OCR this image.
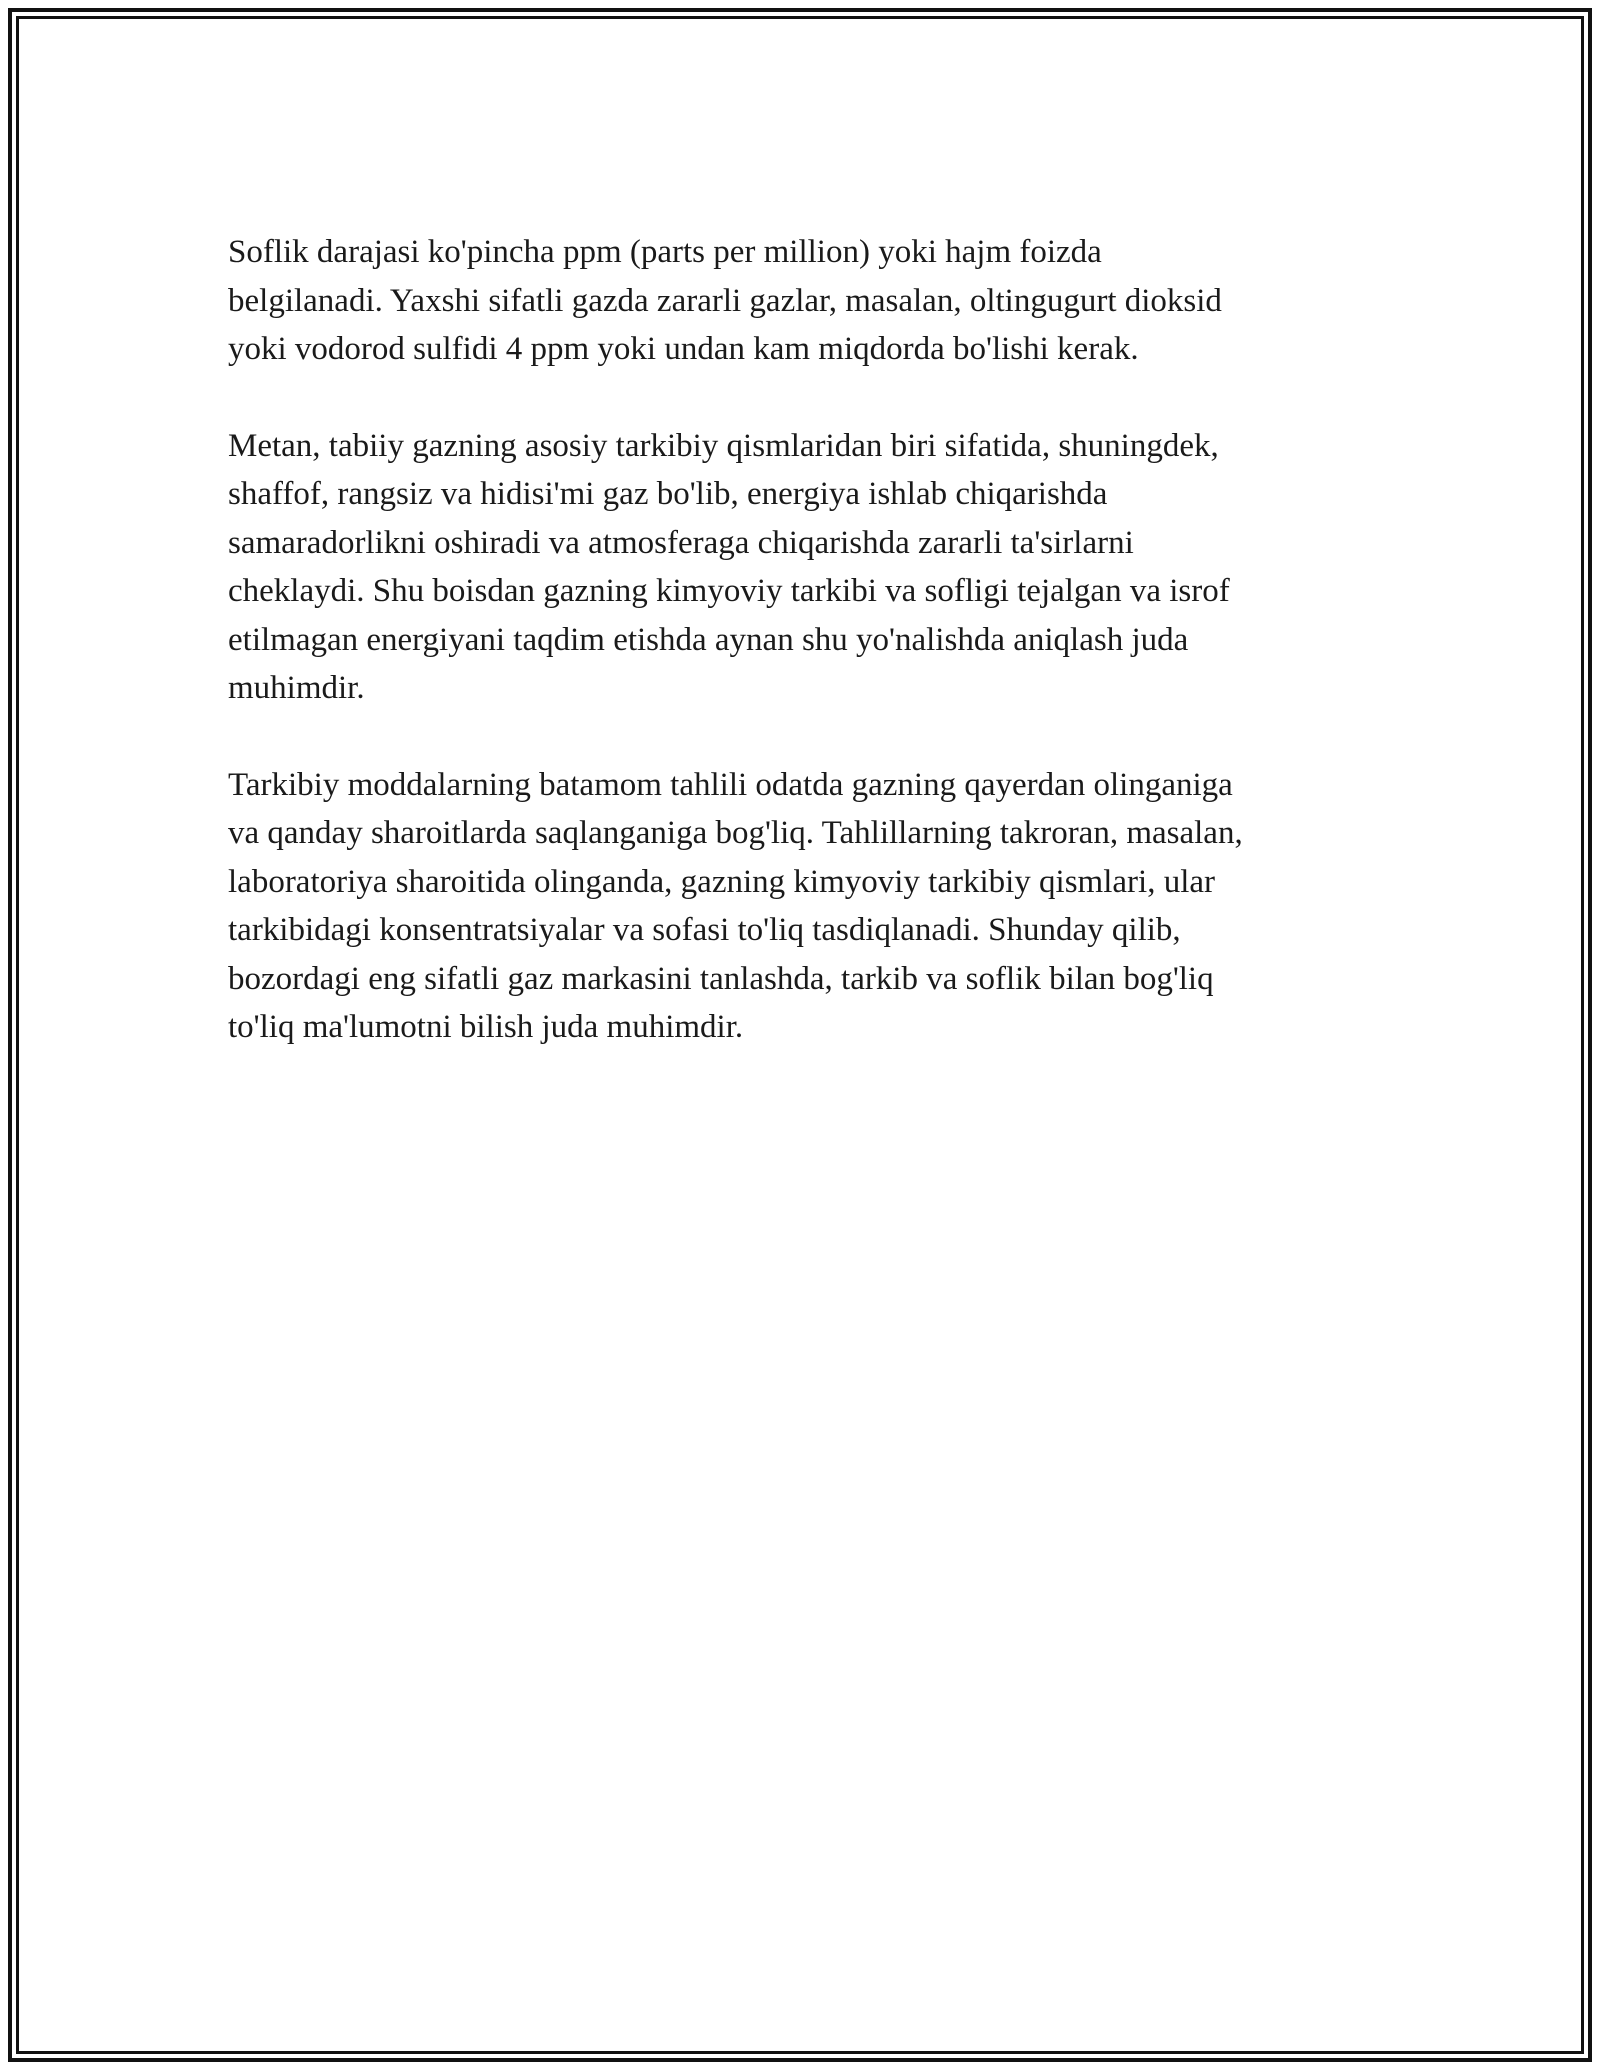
Soflik darajasi ko'pincha ppm (parts per million) yoki hajm foizda
belgilanadi. Yaxshi sifatli gazda zararli gazlar, masalan, oltingugurt dioksid
yoki vodorod sulfidi 4 ppm yoki undan kam miqdorda bo'lishi kerak.

Metan, tabiiy gazning asosiy tarkibiy qismlaridan biri sifatida, shuningdek,
shaffof, rangsiz va hidisi'mi gaz bo'lib, energiya ishlab chiqarishda
samaradorlikni oshiradi va atmosferaga chiqarishda zararli ta'sirlarni
cheklaydi. Shu boisdan gazning kimyoviy tarkibi va sofligi tejalgan va isrof
etilmagan energiyani taqdim etishda aynan shu yo'nalishda aniqlash juda
muhimdir.

Tarkibiy moddalarning batamom tahlili odatda gazning qayerdan olinganiga
va qanday sharoitlarda saqlanganiga bog'liq. Tahlillarning takroran, masalan,
laboratoriya sharoitida olinganda, gazning kimyoviy tarkibiy qismlari, ular
tarkibidagi konsentratsiyalar va sofasi to'liq tasdiqlanadi. Shunday qilib,
bozordagi eng sifatli gaz markasini tanlashda, tarkib va soflik bilan bog'liq
to'liq ma'lumotni bilish juda muhimdir.
